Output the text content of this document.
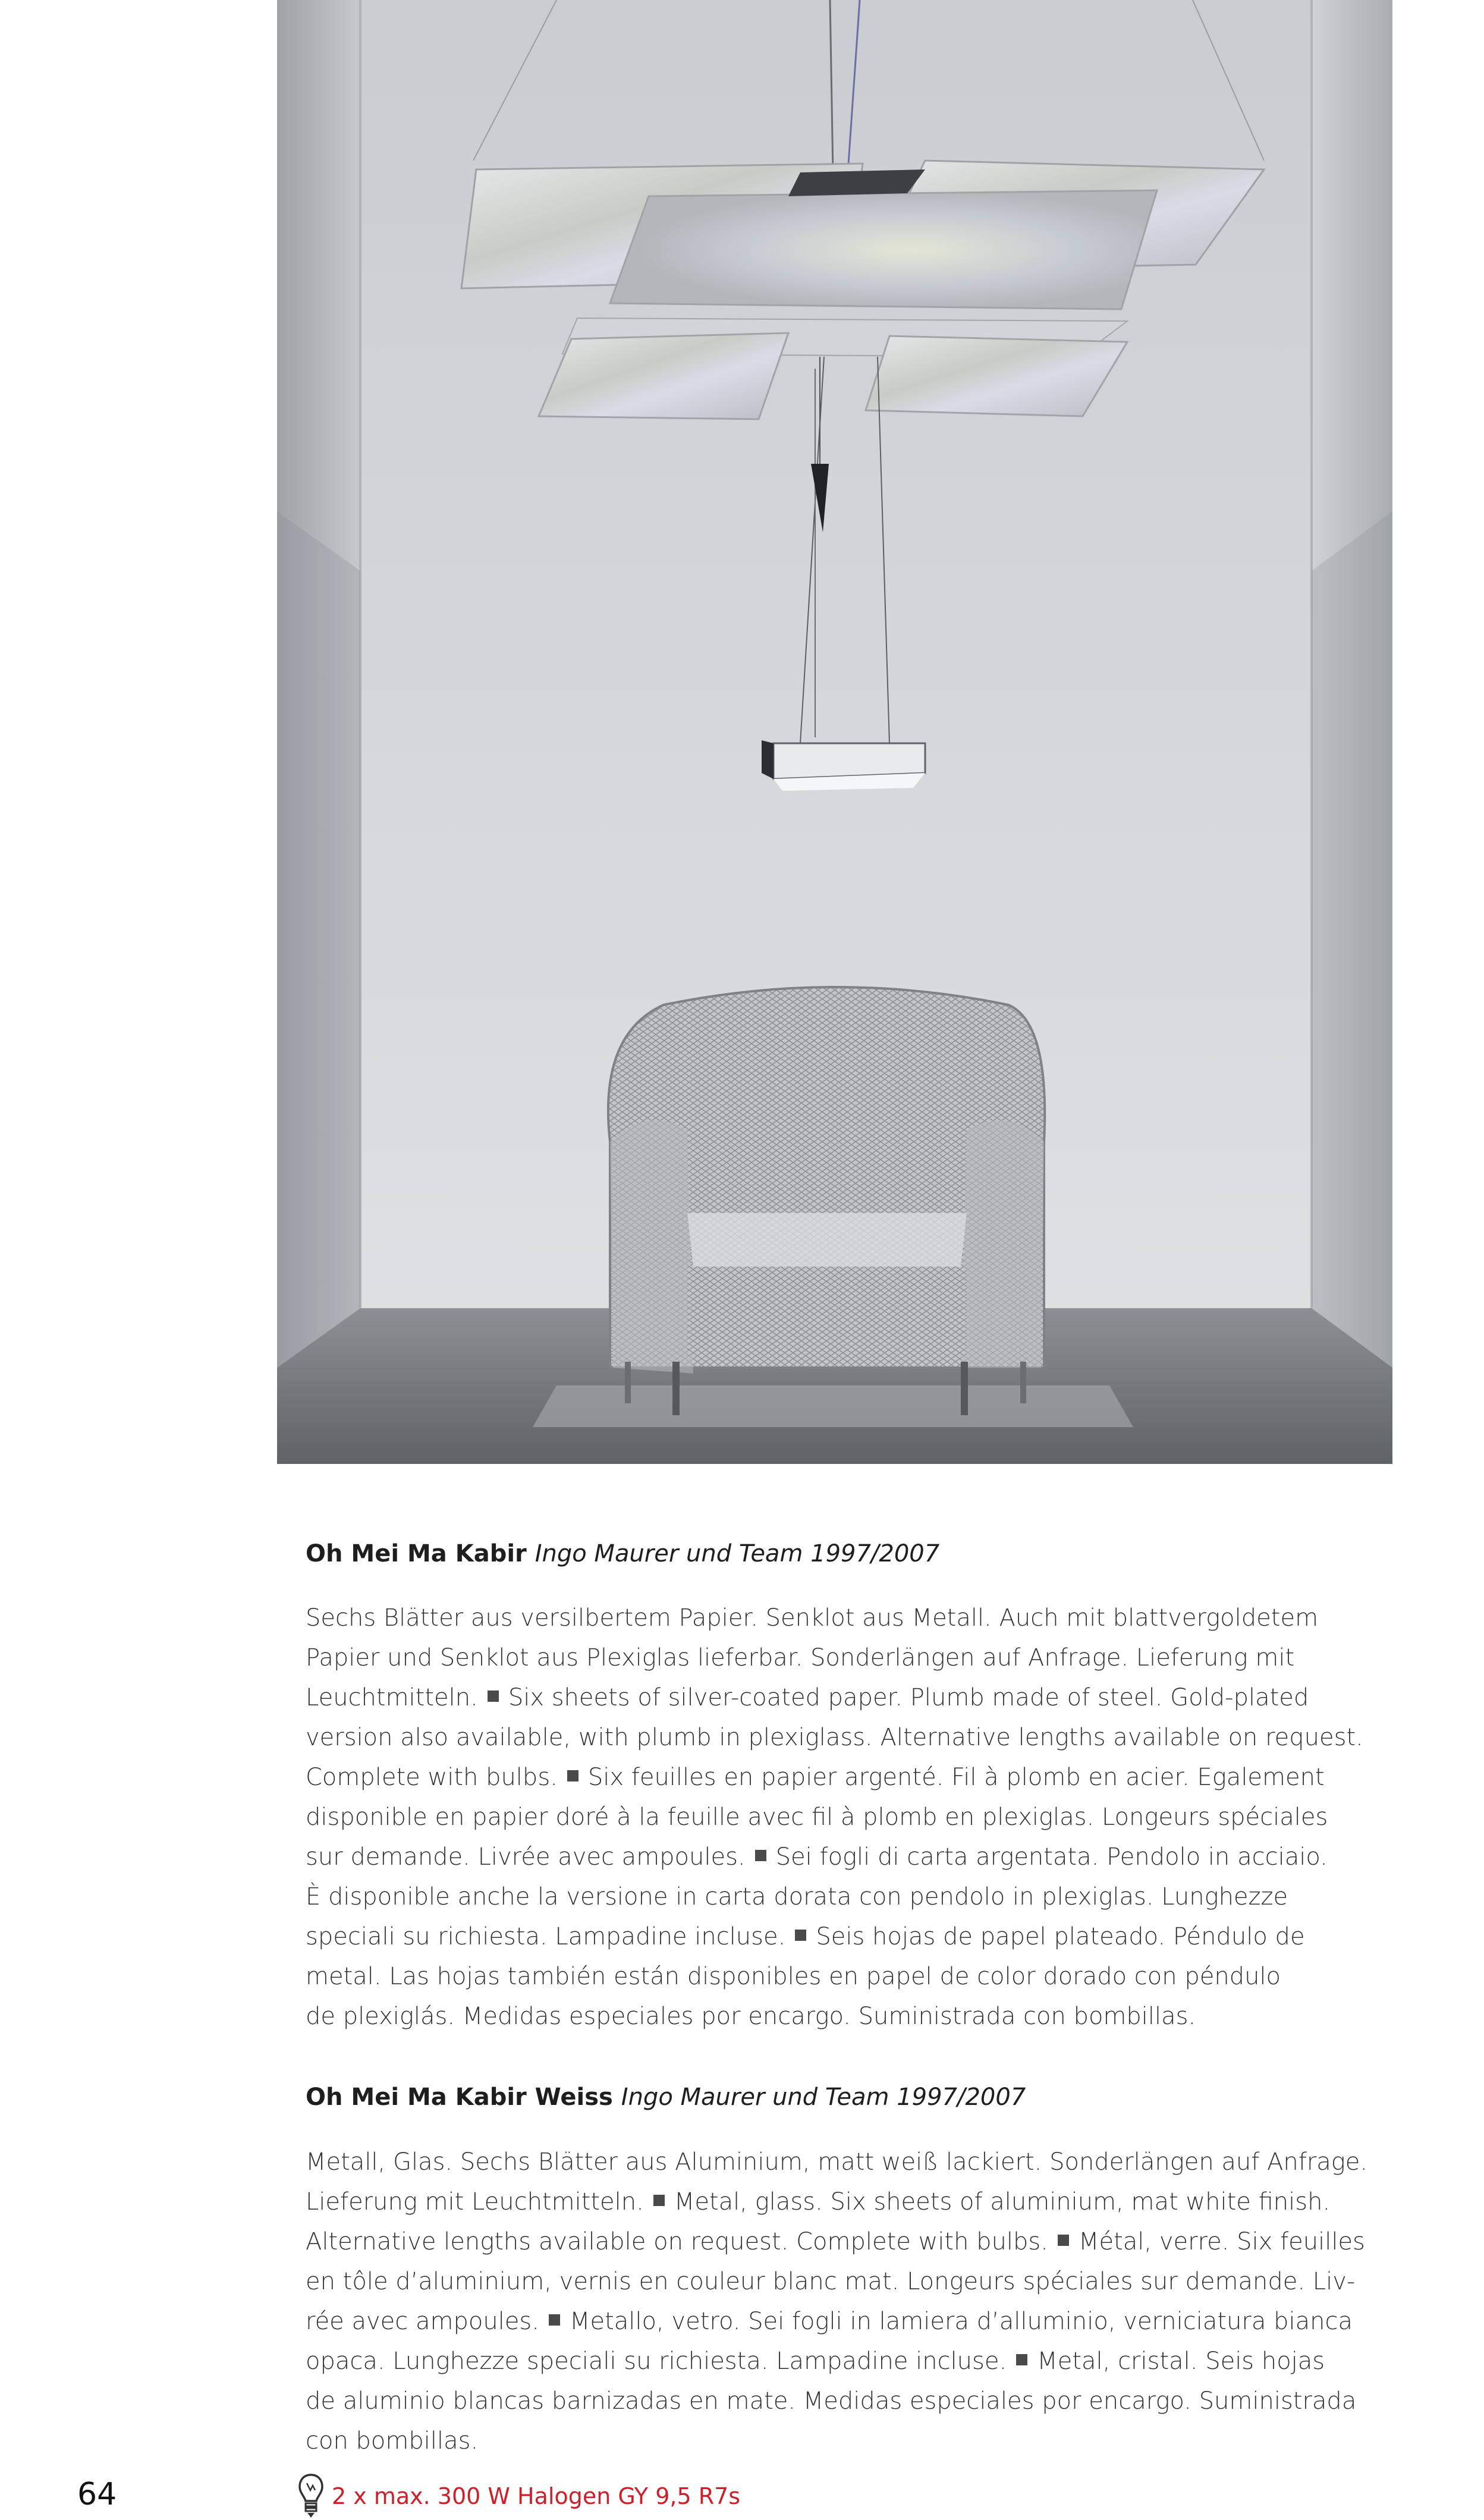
Oh Mei Ma Kabir Ingo Maurer und Team 1997/2007
Sechs Blätter aus versilbertem Papier. Senklot aus Metall. Auch mit blattvergoldetem
Papier und Senklot aus Plexiglas lieferbar. Sonderlängen auf Anfrage. Lieferung mit
Leuchtmitteln. Six sheets of silver-coated paper. Plumb made of steel. Gold-plated
version also available, with plumb in plexiglass. Alternative lengths available on request.
Complete with bulbs. Six feuilles en papier argenté. Fil à plomb en acier. Egalement
disponible en papier doré à la feuille avec fil à plomb en plexiglas. Longeurs spéciales
sur demande. Livrée avec ampoules. Sei fogli di carta argentata. Pendolo in acciaio.
È disponible anche la versione in carta dorata con pendolo in plexiglas. Lunghezze
speciali su richiesta. Lampadine incluse. Seis hojas de papel plateado. Péndulo de
metal. Las hojas también están disponibles en papel de color dorado con péndulo
de plexiglás. Medidas especiales por encargo. Suministrada con bombillas.
Oh Mei Ma Kabir Weiss Ingo Maurer und Team 1997/2007
Metall, Glas. Sechs Blätter aus Aluminium, matt weiß lackiert. Sonderlängen auf Anfrage.
Lieferung mit Leuchtmitteln. Metal, glass. Six sheets of aluminium, mat white finish.
Alternative lengths available on request. Complete with bulbs. Métal, verre. Six feuilles
en tôle d’aluminium, vernis en couleur blanc mat. Longeurs spéciales sur demande. Liv-
rée avec ampoules. Metallo, vetro. Sei fogli in lamiera d’alluminio, verniciatura bianca
opaca. Lunghezze speciali su richiesta. Lampadine incluse. Metal, cristal. Seis hojas
de aluminio blancas barnizadas en mate. Medidas especiales por encargo. Suministrada
con bombillas.

64	2 x max. 300 W Halogen GY 9,5 R7s
